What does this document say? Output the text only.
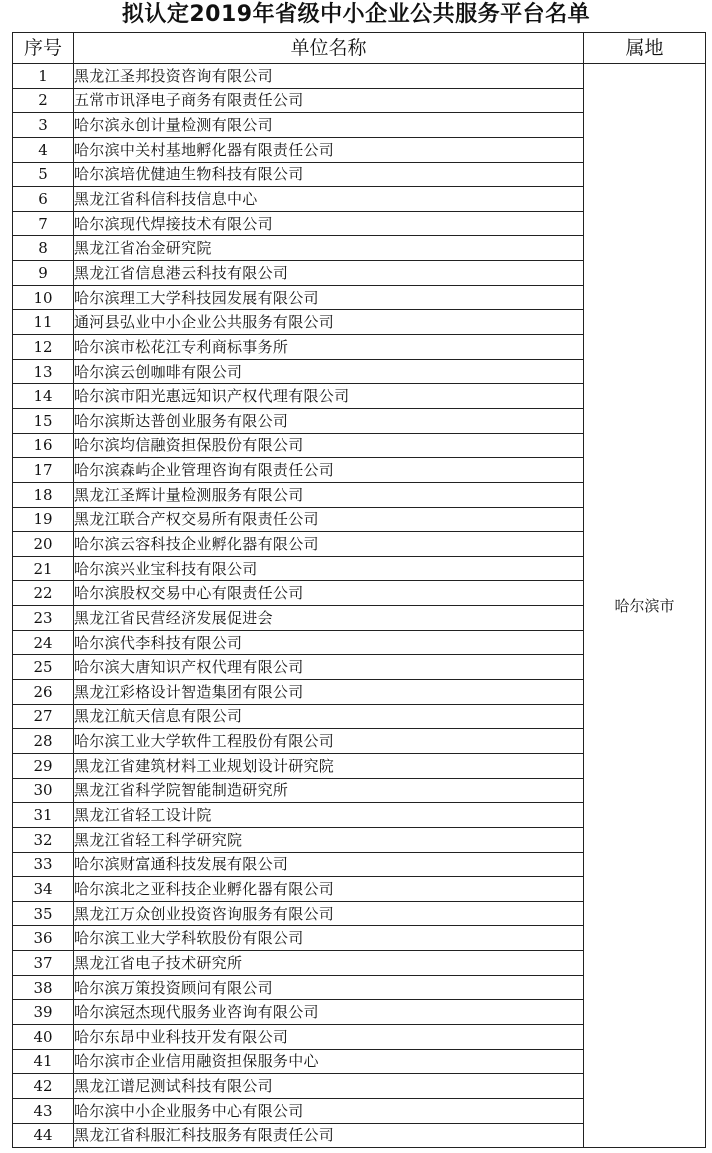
拟认定2019年省级中小企业公共服务平台名单
序号	单位名称	属地
1	黑龙江圣邦投资咨询有限公司	哈尔滨市
2	五常市讯泽电子商务有限责任公司	
3	哈尔滨永创计量检测有限公司	
4	哈尔滨中关村基地孵化器有限责任公司	
5	哈尔滨培优健迪生物科技有限公司	
6	黑龙江省科信科技信息中心	
7	哈尔滨现代焊接技术有限公司	
8	黑龙江省冶金研究院	
9	黑龙江省信息港云科技有限公司	
10	哈尔滨理工大学科技园发展有限公司	
11	通河县弘业中小企业公共服务有限公司	
12	哈尔滨市松花江专利商标事务所	
13	哈尔滨云创咖啡有限公司	
14	哈尔滨市阳光惠远知识产权代理有限公司	
15	哈尔滨斯达普创业服务有限公司	
16	哈尔滨均信融资担保股份有限公司	
17	哈尔滨森屿企业管理咨询有限责任公司	
18	黑龙江圣辉计量检测服务有限公司	
19	黑龙江联合产权交易所有限责任公司	
20	哈尔滨云容科技企业孵化器有限公司	
21	哈尔滨兴业宝科技有限公司	
22	哈尔滨股权交易中心有限责任公司	
23	黑龙江省民营经济发展促进会	
24	哈尔滨代李科技有限公司	
25	哈尔滨大唐知识产权代理有限公司	
26	黑龙江彩格设计智造集团有限公司	
27	黑龙江航天信息有限公司	
28	哈尔滨工业大学软件工程股份有限公司	
29	黑龙江省建筑材料工业规划设计研究院	
30	黑龙江省科学院智能制造研究所	
31	黑龙江省轻工设计院	
32	黑龙江省轻工科学研究院	
33	哈尔滨财富通科技发展有限公司	
34	哈尔滨北之亚科技企业孵化器有限公司	
35	黑龙江万众创业投资咨询服务有限公司	
36	哈尔滨工业大学科软股份有限公司	
37	黑龙江省电子技术研究所	
38	哈尔滨万策投资顾问有限公司	
39	哈尔滨冠杰现代服务业咨询有限公司	
40	哈尔东昂中业科技开发有限公司	
41	哈尔滨市企业信用融资担保服务中心	
42	黑龙江谱尼测试科技有限公司	
43	哈尔滨中小企业服务中心有限公司	
44	黑龙江省科服汇科技服务有限责任公司	
